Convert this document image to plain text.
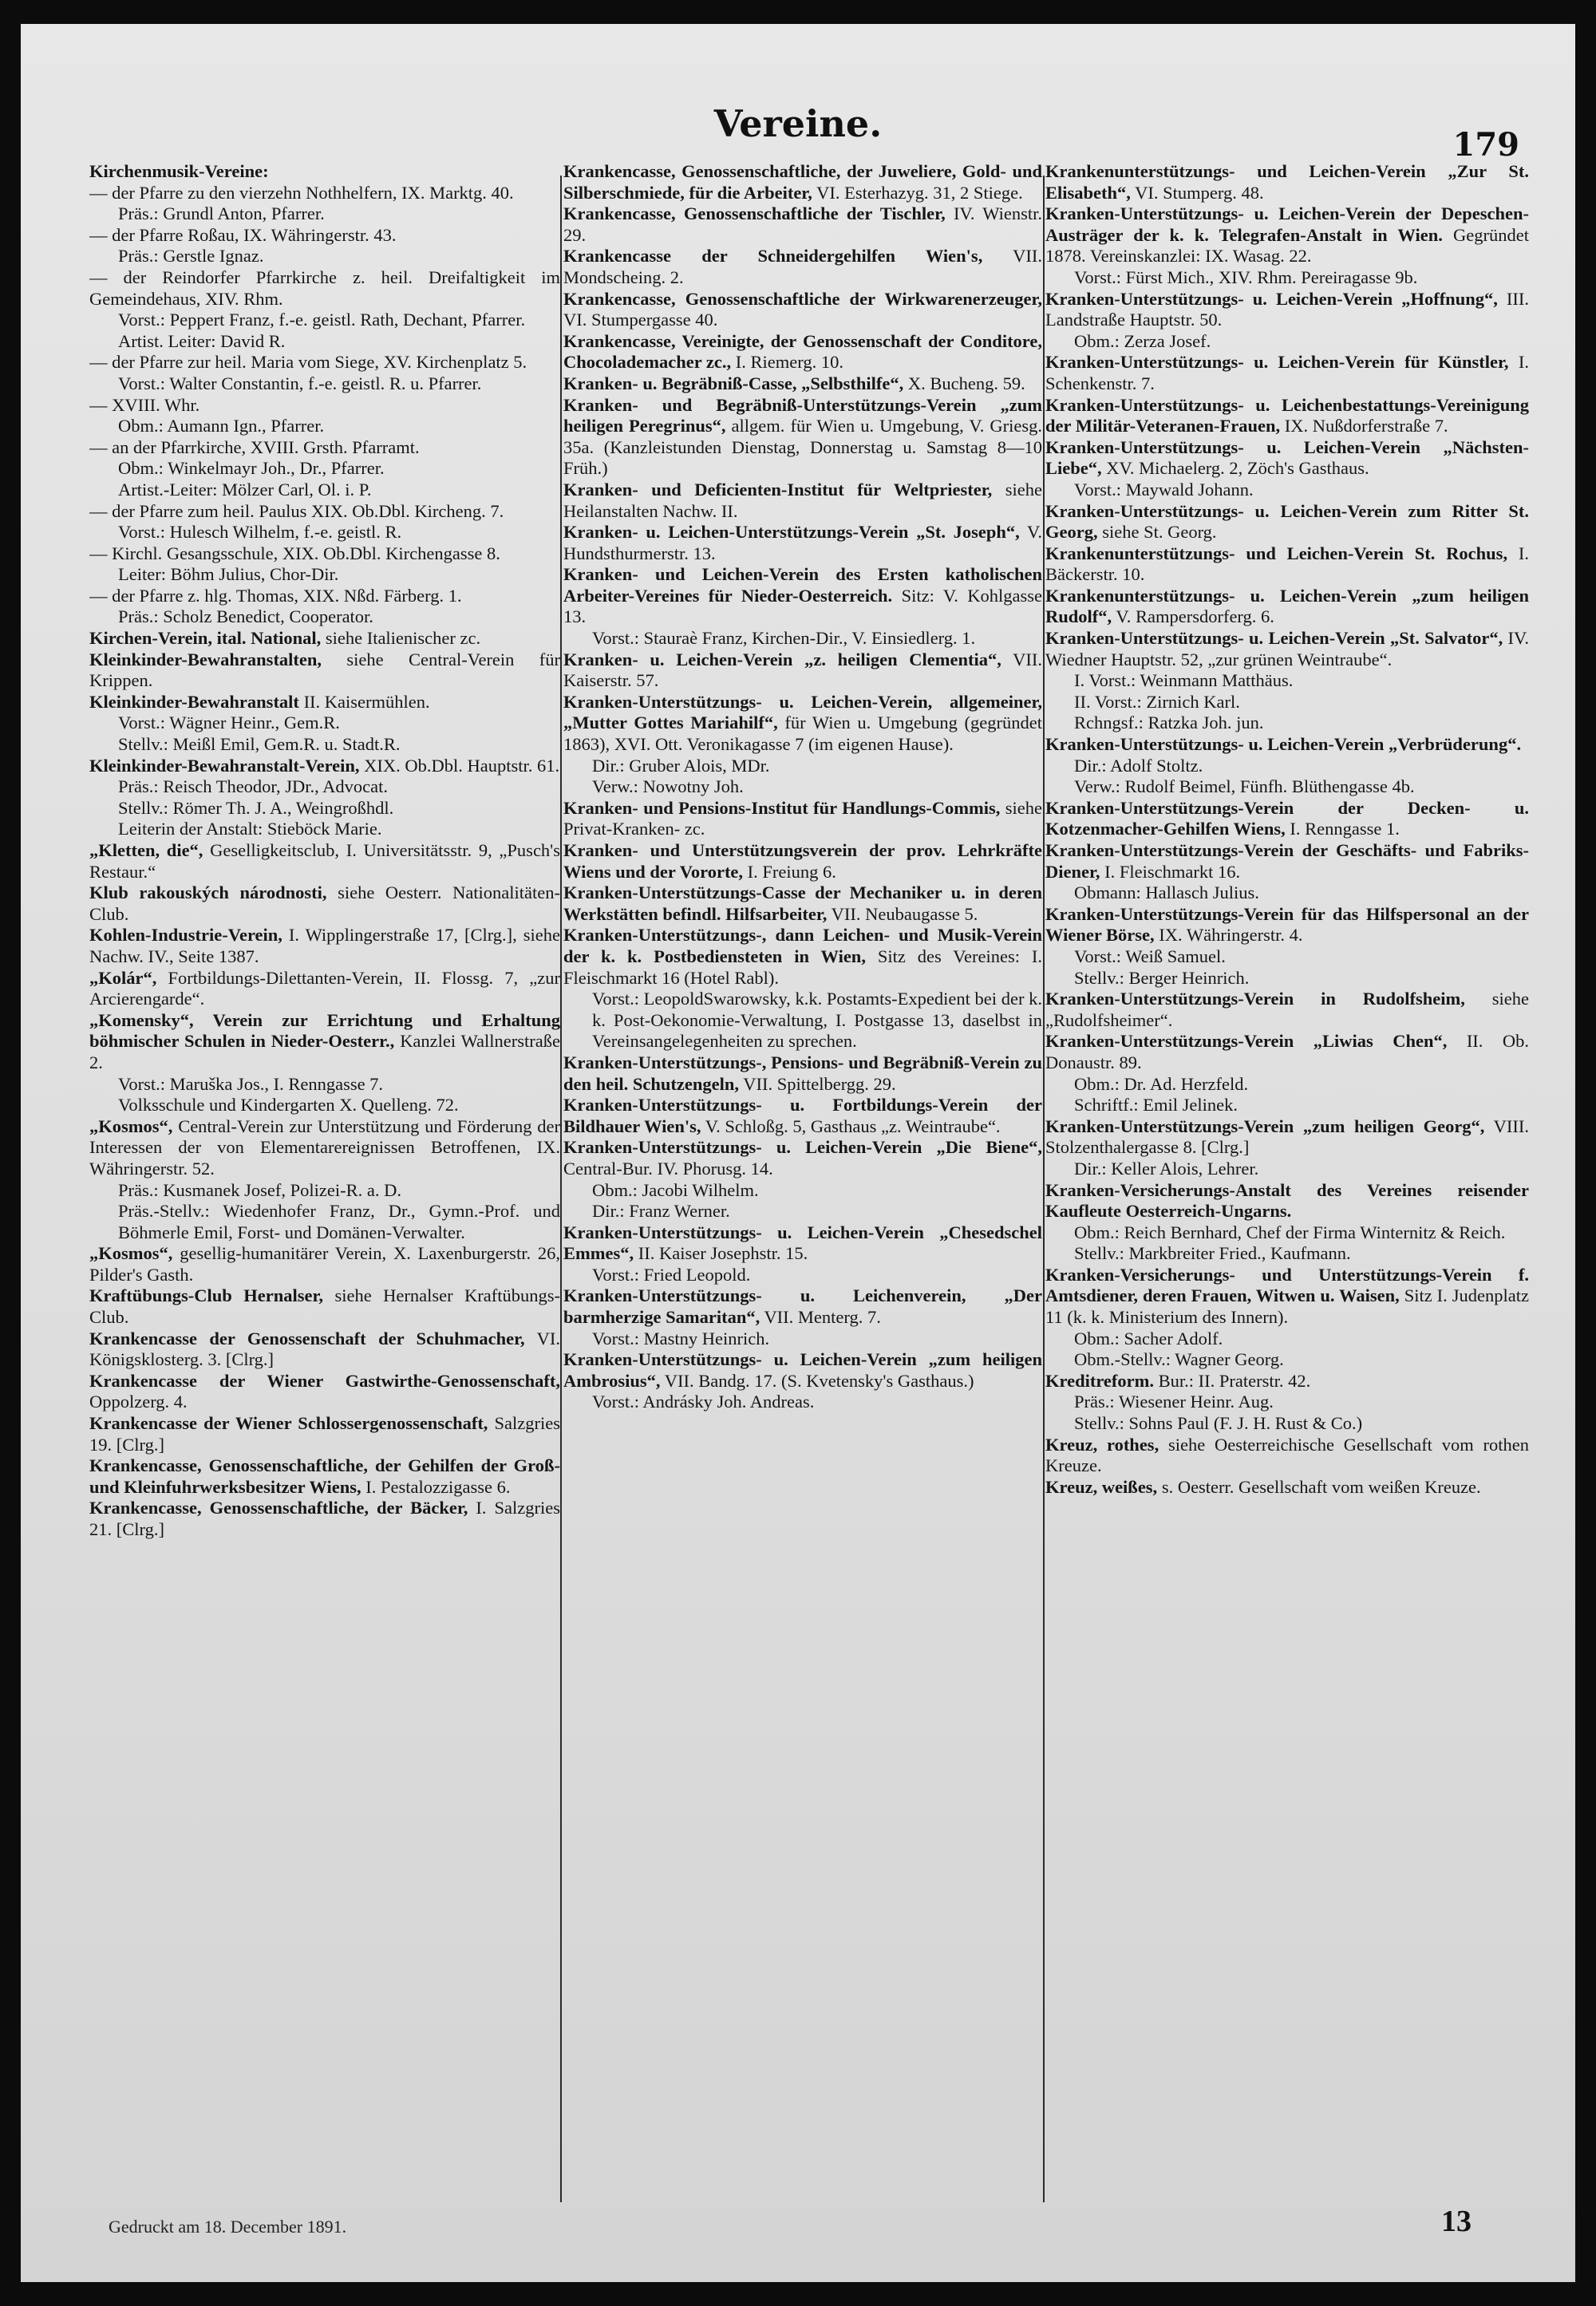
Vereine.	179

Kirchenmusik-Vereine:

— der Pfarre zu den vierzehn Nothhelfern, IX. Marktg. 40.

Präs.: Grundl Anton, Pfarrer.

— der Pfarre Roßau, IX. Währingerstr. 43.

Präs.: Gerstle Ignaz.

— der Reindorfer Pfarrkirche z. heil. Dreifaltigkeit im Gemeindehaus, XIV. Rhm.

Vorst.: Peppert Franz, f.-e. geistl. Rath, Dechant, Pfarrer.

Artist. Leiter: David R.

— der Pfarre zur heil. Maria vom Siege, XV. Kirchenplatz 5.

Vorst.: Walter Constantin, f.-e. geistl. R. u. Pfarrer.

— XVIII. Whr.

Obm.: Aumann Ign., Pfarrer.

— an der Pfarrkirche, XVIII. Grsth. Pfarramt.

Obm.: Winkelmayr Joh., Dr., Pfarrer.

Artist.-Leiter: Mölzer Carl, Ol. i. P.

— der Pfarre zum heil. Paulus XIX. Ob.Dbl. Kircheng. 7.

Vorst.: Hulesch Wilhelm, f.-e. geistl. R.

— Kirchl. Gesangsschule, XIX. Ob.Dbl. Kirchengasse 8.

Leiter: Böhm Julius, Chor-Dir.

— der Pfarre z. hlg. Thomas, XIX. Nßd. Färberg. 1.

Präs.: Scholz Benedict, Cooperator.

Kirchen-Verein, ital. National, siehe Italienischer zc.

Kleinkinder-Bewahranstalten, siehe Central-Verein für Krippen.

Kleinkinder-Bewahranstalt II. Kaisermühlen.

Vorst.: Wägner Heinr., Gem.R.

Stellv.: Meißl Emil, Gem.R. u. Stadt.R.

Kleinkinder-Bewahranstalt-Verein, XIX. Ob.Dbl. Hauptstr. 61.

Präs.: Reisch Theodor, JDr., Advocat.

Stellv.: Römer Th. J. A., Weingroßhdl.

Leiterin der Anstalt: Stieböck Marie.

„Kletten, die“, Geselligkeitsclub, I. Universitätsstr. 9, „Pusch's Restaur.“

Klub rakouských národnosti, siehe Oesterr. Nationalitäten-Club.

Kohlen-Industrie-Verein, I. Wipplingerstraße 17, [Clrg.], siehe Nachw. IV., Seite 1387.

„Kolár“, Fortbildungs-Dilettanten-Verein, II. Flossg. 7, „zur Arcierengarde“.

„Komensky“, Verein zur Errichtung und Erhaltung böhmischer Schulen in Nieder-Oesterr., Kanzlei Wallnerstraße 2.

Vorst.: Maruška Jos., I. Renngasse 7.

Volksschule und Kindergarten X. Quelleng. 72.

„Kosmos“, Central-Verein zur Unterstützung und Förderung der Interessen der von Elementarereignissen Betroffenen, IX. Währingerstr. 52.

Präs.: Kusmanek Josef, Polizei-R. a. D.

Präs.-Stellv.: Wiedenhofer Franz, Dr., Gymn.-Prof. und Böhmerle Emil, Forst- und Domänen-Verwalter.

„Kosmos“, gesellig-humanitärer Verein, X. Laxenburgerstr. 26, Pilder's Gasth.

Kraftübungs-Club Hernalser, siehe Hernalser Kraftübungs-Club.

Krankencasse der Genossenschaft der Schuhmacher, VI. Königsklosterg. 3. [Clrg.]

Krankencasse der Wiener Gastwirthe-Genossenschaft, Oppolzerg. 4.

Krankencasse der Wiener Schlossergenossenschaft, Salzgries 19. [Clrg.]

Krankencasse, Genossenschaftliche, der Gehilfen der Groß- und Kleinfuhrwerksbesitzer Wiens, I. Pestalozzigasse 6.

Krankencasse, Genossenschaftliche, der Bäcker, I. Salzgries 21. [Clrg.]

Krankencasse, Genossenschaftliche, der Juweliere, Gold- und Silberschmiede, für die Arbeiter, VI. Esterhazyg. 31, 2 Stiege.

Krankencasse, Genossenschaftliche der Tischler, IV. Wienstr. 29.

Krankencasse der Schneidergehilfen Wien's, VII. Mondscheing. 2.

Krankencasse, Genossenschaftliche der Wirkwarenerzeuger, VI. Stumpergasse 40.

Krankencasse, Vereinigte, der Genossenschaft der Conditore, Chocolademacher zc., I. Riemerg. 10.

Kranken- u. Begräbniß-Casse, „Selbsthilfe“, X. Bucheng. 59.

Kranken- und Begräbniß-Unterstützungs-Verein „zum heiligen Peregrinus“, allgem. für Wien u. Umgebung, V. Griesg. 35a. (Kanzleistunden Dienstag, Donnerstag u. Samstag 8—10 Früh.)

Kranken- und Deficienten-Institut für Weltpriester, siehe Heilanstalten Nachw. II.

Kranken- u. Leichen-Unterstützungs-Verein „St. Joseph“, V. Hundsthurmerstr. 13.

Kranken- und Leichen-Verein des Ersten katholischen Arbeiter-Vereines für Nieder-Oesterreich. Sitz: V. Kohlgasse 13.

Vorst.: Stauraè Franz, Kirchen-Dir., V. Einsiedlerg. 1.

Kranken- u. Leichen-Verein „z. heiligen Clementia“, VII. Kaiserstr. 57.

Kranken-Unterstützungs- u. Leichen-Verein, allgemeiner, „Mutter Gottes Mariahilf“, für Wien u. Umgebung (gegründet 1863), XVI. Ott. Veronikagasse 7 (im eigenen Hause).

Dir.: Gruber Alois, MDr.

Verw.: Nowotny Joh.

Kranken- und Pensions-Institut für Handlungs-Commis, siehe Privat-Kranken- zc.

Kranken- und Unterstützungsverein der prov. Lehrkräfte Wiens und der Vororte, I. Freiung 6.

Kranken-Unterstützungs-Casse der Mechaniker u. in deren Werkstätten befindl. Hilfsarbeiter, VII. Neubaugasse 5.

Kranken-Unterstützungs-, dann Leichen- und Musik-Verein der k. k. Postbediensteten in Wien, Sitz des Vereines: I. Fleischmarkt 16 (Hotel Rabl).

Vorst.: LeopoldSwarowsky, k.k. Postamts-Expedient bei der k. k. Post-Oekonomie-Verwaltung, I. Postgasse 13, daselbst in Vereinsangelegenheiten zu sprechen.

Kranken-Unterstützungs-, Pensions- und Begräbniß-Verein zu den heil. Schutzengeln, VII. Spittelbergg. 29.

Kranken-Unterstützungs- u. Fortbildungs-Verein der Bildhauer Wien's, V. Schloßg. 5, Gasthaus „z. Weintraube“.

Kranken-Unterstützungs- u. Leichen-Verein „Die Biene“, Central-Bur. IV. Phorusg. 14.

Obm.: Jacobi Wilhelm.

Dir.: Franz Werner.

Kranken-Unterstützungs- u. Leichen-Verein „Chesedschel Emmes“, II. Kaiser Josephstr. 15.

Vorst.: Fried Leopold.

Kranken-Unterstützungs- u. Leichenverein, „Der barmherzige Samaritan“, VII. Menterg. 7.

Vorst.: Mastny Heinrich.

Kranken-Unterstützungs- u. Leichen-Verein „zum heiligen Ambrosius“, VII. Bandg. 17. (S. Kvetensky's Gasthaus.)

Vorst.: Andrásky Joh. Andreas.

Krankenunterstützungs- und Leichen-Verein „Zur St. Elisabeth“, VI. Stumperg. 48.

Kranken-Unterstützungs- u. Leichen-Verein der Depeschen-Austräger der k. k. Telegrafen-Anstalt in Wien. Gegründet 1878. Vereinskanzlei: IX. Wasag. 22.

Vorst.: Fürst Mich., XIV. Rhm. Pereiragasse 9b.

Kranken-Unterstützungs- u. Leichen-Verein „Hoffnung“, III. Landstraße Hauptstr. 50.

Obm.: Zerza Josef.

Kranken-Unterstützungs- u. Leichen-Verein für Künstler, I. Schenkenstr. 7.

Kranken-Unterstützungs- u. Leichenbestattungs-Vereinigung der Militär-Veteranen-Frauen, IX. Nußdorferstraße 7.

Kranken-Unterstützungs- u. Leichen-Verein „Nächsten-Liebe“, XV. Michaelerg. 2, Zöch's Gasthaus.

Vorst.: Maywald Johann.

Kranken-Unterstützungs- u. Leichen-Verein zum Ritter St. Georg, siehe St. Georg.

Krankenunterstützungs- und Leichen-Verein St. Rochus, I. Bäckerstr. 10.

Krankenunterstützungs- u. Leichen-Verein „zum heiligen Rudolf“, V. Rampersdorferg. 6.

Kranken-Unterstützungs- u. Leichen-Verein „St. Salvator“, IV. Wiedner Hauptstr. 52, „zur grünen Weintraube“.

I. Vorst.: Weinmann Matthäus.

II. Vorst.: Zirnich Karl.

Rchngsf.: Ratzka Joh. jun.

Kranken-Unterstützungs- u. Leichen-Verein „Verbrüderung“.

Dir.: Adolf Stoltz.

Verw.: Rudolf Beimel, Fünfh. Blüthengasse 4b.

Kranken-Unterstützungs-Verein der Decken- u. Kotzenmacher-Gehilfen Wiens, I. Renngasse 1.

Kranken-Unterstützungs-Verein der Geschäfts- und Fabriks-Diener, I. Fleischmarkt 16.

Obmann: Hallasch Julius.

Kranken-Unterstützungs-Verein für das Hilfspersonal an der Wiener Börse, IX. Währingerstr. 4.

Vorst.: Weiß Samuel.

Stellv.: Berger Heinrich.

Kranken-Unterstützungs-Verein in Rudolfsheim, siehe „Rudolfsheimer“.

Kranken-Unterstützungs-Verein „Liwias Chen“, II. Ob. Donaustr. 89.

Obm.: Dr. Ad. Herzfeld.

Schriftf.: Emil Jelinek.

Kranken-Unterstützungs-Verein „zum heiligen Georg“, VIII. Stolzenthalergasse 8. [Clrg.]

Dir.: Keller Alois, Lehrer.

Kranken-Versicherungs-Anstalt des Vereines reisender Kaufleute Oesterreich-Ungarns.

Obm.: Reich Bernhard, Chef der Firma Winternitz & Reich.

Stellv.: Markbreiter Fried., Kaufmann.

Kranken-Versicherungs- und Unterstützungs-Verein f. Amtsdiener, deren Frauen, Witwen u. Waisen, Sitz I. Judenplatz 11 (k. k. Ministerium des Innern).

Obm.: Sacher Adolf.

Obm.-Stellv.: Wagner Georg.

Kreditreform. Bur.: II. Praterstr. 42.

Präs.: Wiesener Heinr. Aug.

Stellv.: Sohns Paul (F. J. H. Rust & Co.)

Kreuz, rothes, siehe Oesterreichische Gesellschaft vom rothen Kreuze.

Kreuz, weißes, s. Oesterr. Gesellschaft vom weißen Kreuze.

Gedruckt am 18. December 1891.	13
